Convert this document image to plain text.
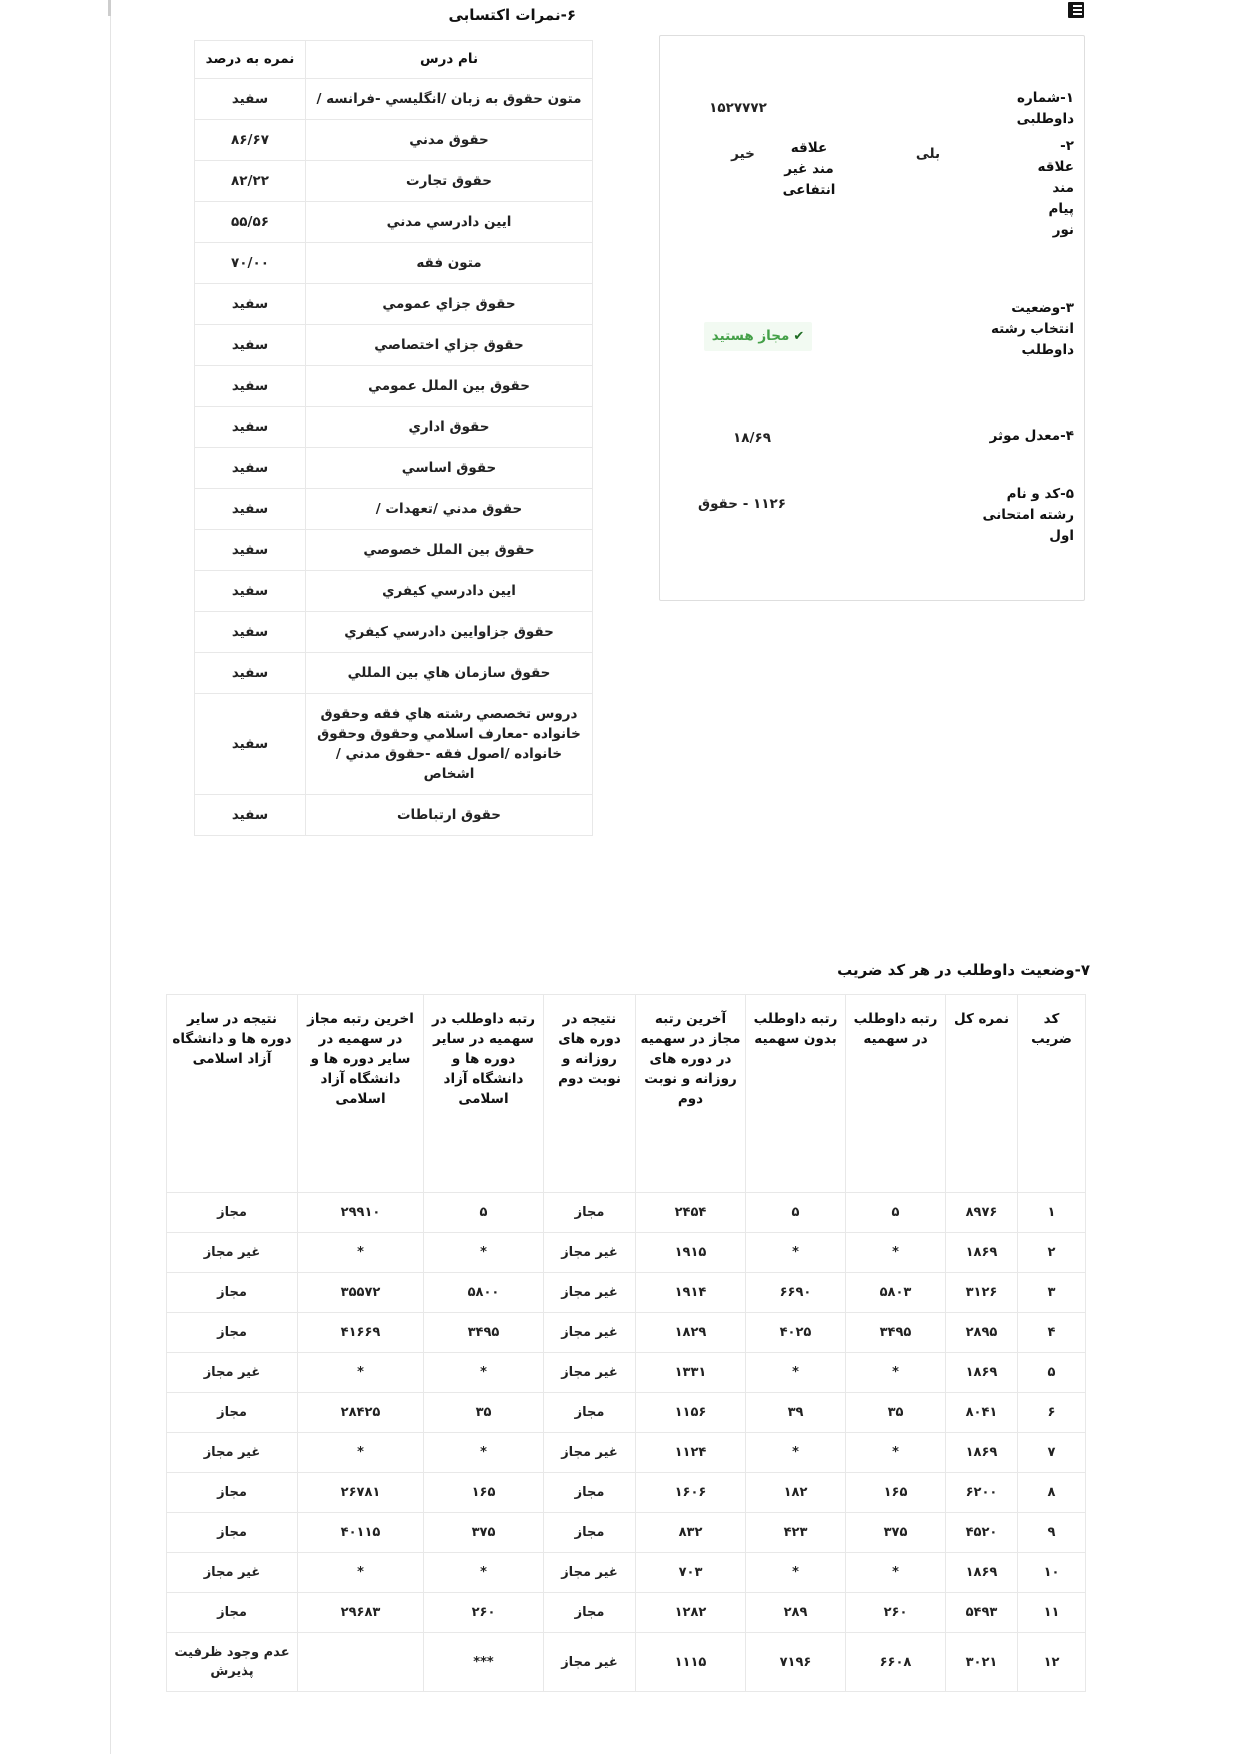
۶-نمرات اکتسابی
نام درس	نمره به درصد
متون حقوق به زبان /انگليسي -فرانسه /	سفید
حقوق مدني	۸۶/۶۷
حقوق تجارت	۸۲/۲۲
ايين دادرسي مدني	۵۵/۵۶
متون فقه	۷۰/۰۰
حقوق جزاي عمومي	سفید
حقوق جزاي اختصاصي	سفید
حقوق بين الملل عمومي	سفید
حقوق اداري	سفید
حقوق اساسي	سفید
حقوق مدني /تعهدات /	سفید
حقوق بين الملل خصوصي	سفید
ايين دادرسي كيفري	سفید
حقوق جزاوايين دادرسي كيفري	سفید
حقوق سازمان هاي بين المللي	سفید
دروس تخصصي رشته هاي فقه وحقوق خانواده -معارف اسلامي وحقوق وحقوق خانواده /اصول فقه -حقوق مدني /اشخاص	سفید
حقوق ارتباطات	سفید
۱-شماره داوطلبی
۱۵۲۷۷۷۲
۲-علاقه مند پیام نور
بلی
علاقه مند غیر انتفاعی
خیر
۳-وضعیت انتخاب رشته داوطلب
✔مجاز هستید
۴-معدل موثر
۱۸/۶۹
۵-کد و نام رشته امتحانی اول
۱۱۲۶ - حقوق
۷-وضعیت داوطلب در هر کد ضریب
کد ضریب	نمره کل	رتبه داوطلب در سهمیه	رتبه داوطلب بدون سهمیه	آخرین رتبه مجاز در سهمیه در دوره های روزانه و نوبت دوم	نتیجه در دوره های روزانه و نوبت دوم	رتبه داوطلب در سهمیه در سایر دوره ها و دانشگاه آزاد اسلامی	اخرین رتبه مجاز در سهمیه در سایر دوره ها و دانشگاه آزاد اسلامی	نتیجه در سایر دوره ها و دانشگاه آزاد اسلامی
۱	۸۹۷۶	۵	۵	۲۴۵۴	مجاز	۵	۲۹۹۱۰	مجاز
۲	۱۸۶۹	*	*	۱۹۱۵	غیر مجاز	*	*	غیر مجاز
۳	۳۱۲۶	۵۸۰۳	۶۶۹۰	۱۹۱۴	غیر مجاز	۵۸۰۰	۳۵۵۷۲	مجاز
۴	۲۸۹۵	۳۴۹۵	۴۰۲۵	۱۸۲۹	غیر مجاز	۳۴۹۵	۴۱۶۶۹	مجاز
۵	۱۸۶۹	*	*	۱۳۳۱	غیر مجاز	*	*	غیر مجاز
۶	۸۰۴۱	۳۵	۳۹	۱۱۵۶	مجاز	۳۵	۲۸۴۲۵	مجاز
۷	۱۸۶۹	*	*	۱۱۲۴	غیر مجاز	*	*	غیر مجاز
۸	۶۲۰۰	۱۶۵	۱۸۲	۱۶۰۶	مجاز	۱۶۵	۲۶۷۸۱	مجاز
۹	۴۵۲۰	۳۷۵	۴۲۳	۸۳۲	مجاز	۳۷۵	۴۰۱۱۵	مجاز
۱۰	۱۸۶۹	*	*	۷۰۳	غیر مجاز	*	*	غیر مجاز
۱۱	۵۴۹۳	۲۶۰	۲۸۹	۱۲۸۲	مجاز	۲۶۰	۲۹۶۸۳	مجاز
۱۲	۳۰۲۱	۶۶۰۸	۷۱۹۶	۱۱۱۵	غیر مجاز	***		عدم وجود ظرفیت پذیرش
